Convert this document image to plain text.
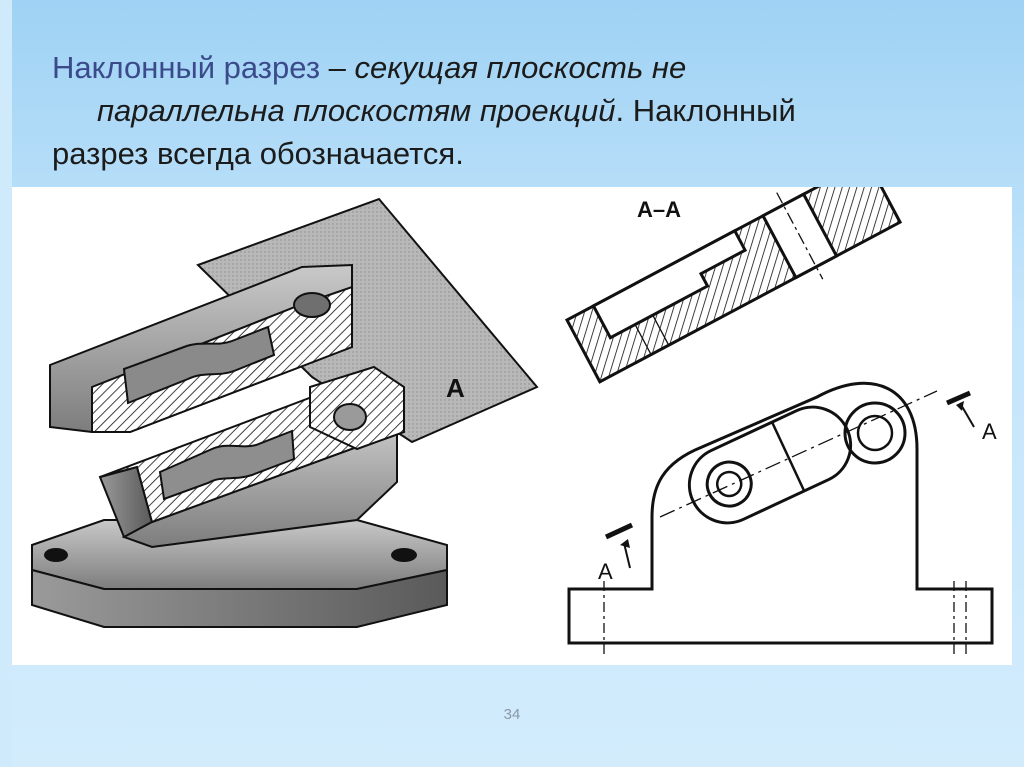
Наклонный разрез – секущая плоскость не
параллельна плоскостям проекций. Наклонный
разрез всегда обозначается.
А
А–А
А
А
34
